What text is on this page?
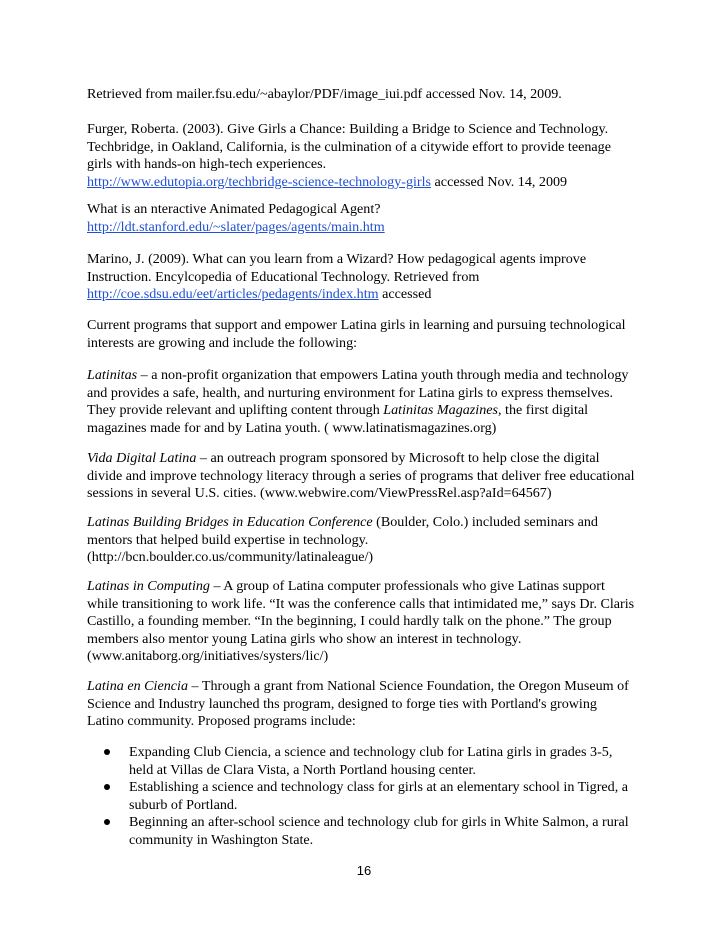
Retrieved from mailer.fsu.edu/~abaylor/PDF/image_iui.pdf accessed Nov. 14, 2009.
Furger, Roberta. (2003). Give Girls a Chance: Building a Bridge to Science and Technology.
Techbridge, in Oakland, California, is the culmination of a citywide effort to provide teenage
girls with hands-on high-tech experiences.
http://www.edutopia.org/techbridge-science-technology-girls accessed Nov. 14, 2009
What is an nteractive Animated Pedagogical Agent?
http://ldt.stanford.edu/~slater/pages/agents/main.htm
Marino, J. (2009). What can you learn from a Wizard? How pedagogical agents improve
Instruction. Encylcopedia of Educational Technology. Retrieved from
http://coe.sdsu.edu/eet/articles/pedagents/index.htm accessed
Current programs that support and empower Latina girls in learning and pursuing technological
interests are growing and include the following:
Latinitas – a non-profit organization that empowers Latina youth through media and technology
and provides a safe, health, and nurturing environment for Latina girls to express themselves.
They provide relevant and uplifting content through Latinitas Magazines, the first digital
magazines made for and by Latina youth. ( www.latinatismagazines.org)
Vida Digital Latina – an outreach program sponsored by Microsoft to help close the digital
divide and improve technology literacy through a series of programs that deliver free educational
sessions in several U.S. cities. (www.webwire.com/ViewPressRel.asp?aId=64567)
Latinas Building Bridges in Education Conference (Boulder, Colo.) included seminars and
mentors that helped build expertise in technology.
(http://bcn.boulder.co.us/community/latinaleague/)
Latinas in Computing – A group of Latina computer professionals who give Latinas support
while transitioning to work life. “It was the conference calls that intimidated me,” says Dr. Claris
Castillo, a founding member. “In the beginning, I could hardly talk on the phone.” The group
members also mentor young Latina girls who show an interest in technology.
(www.anitaborg.org/initiatives/systers/lic/)
Latina en Ciencia – Through a grant from National Science Foundation, the Oregon Museum of
Science and Industry launched ths program, designed to forge ties with Portland's growing
Latino community. Proposed programs include:
Expanding Club Ciencia, a science and technology club for Latina girls in grades 3-5,
held at Villas de Clara Vista, a North Portland housing center.
Establishing a science and technology class for girls at an elementary school in Tigred, a
suburb of Portland.
Beginning an after-school science and technology club for girls in White Salmon, a rural
community in Washington State.
16
